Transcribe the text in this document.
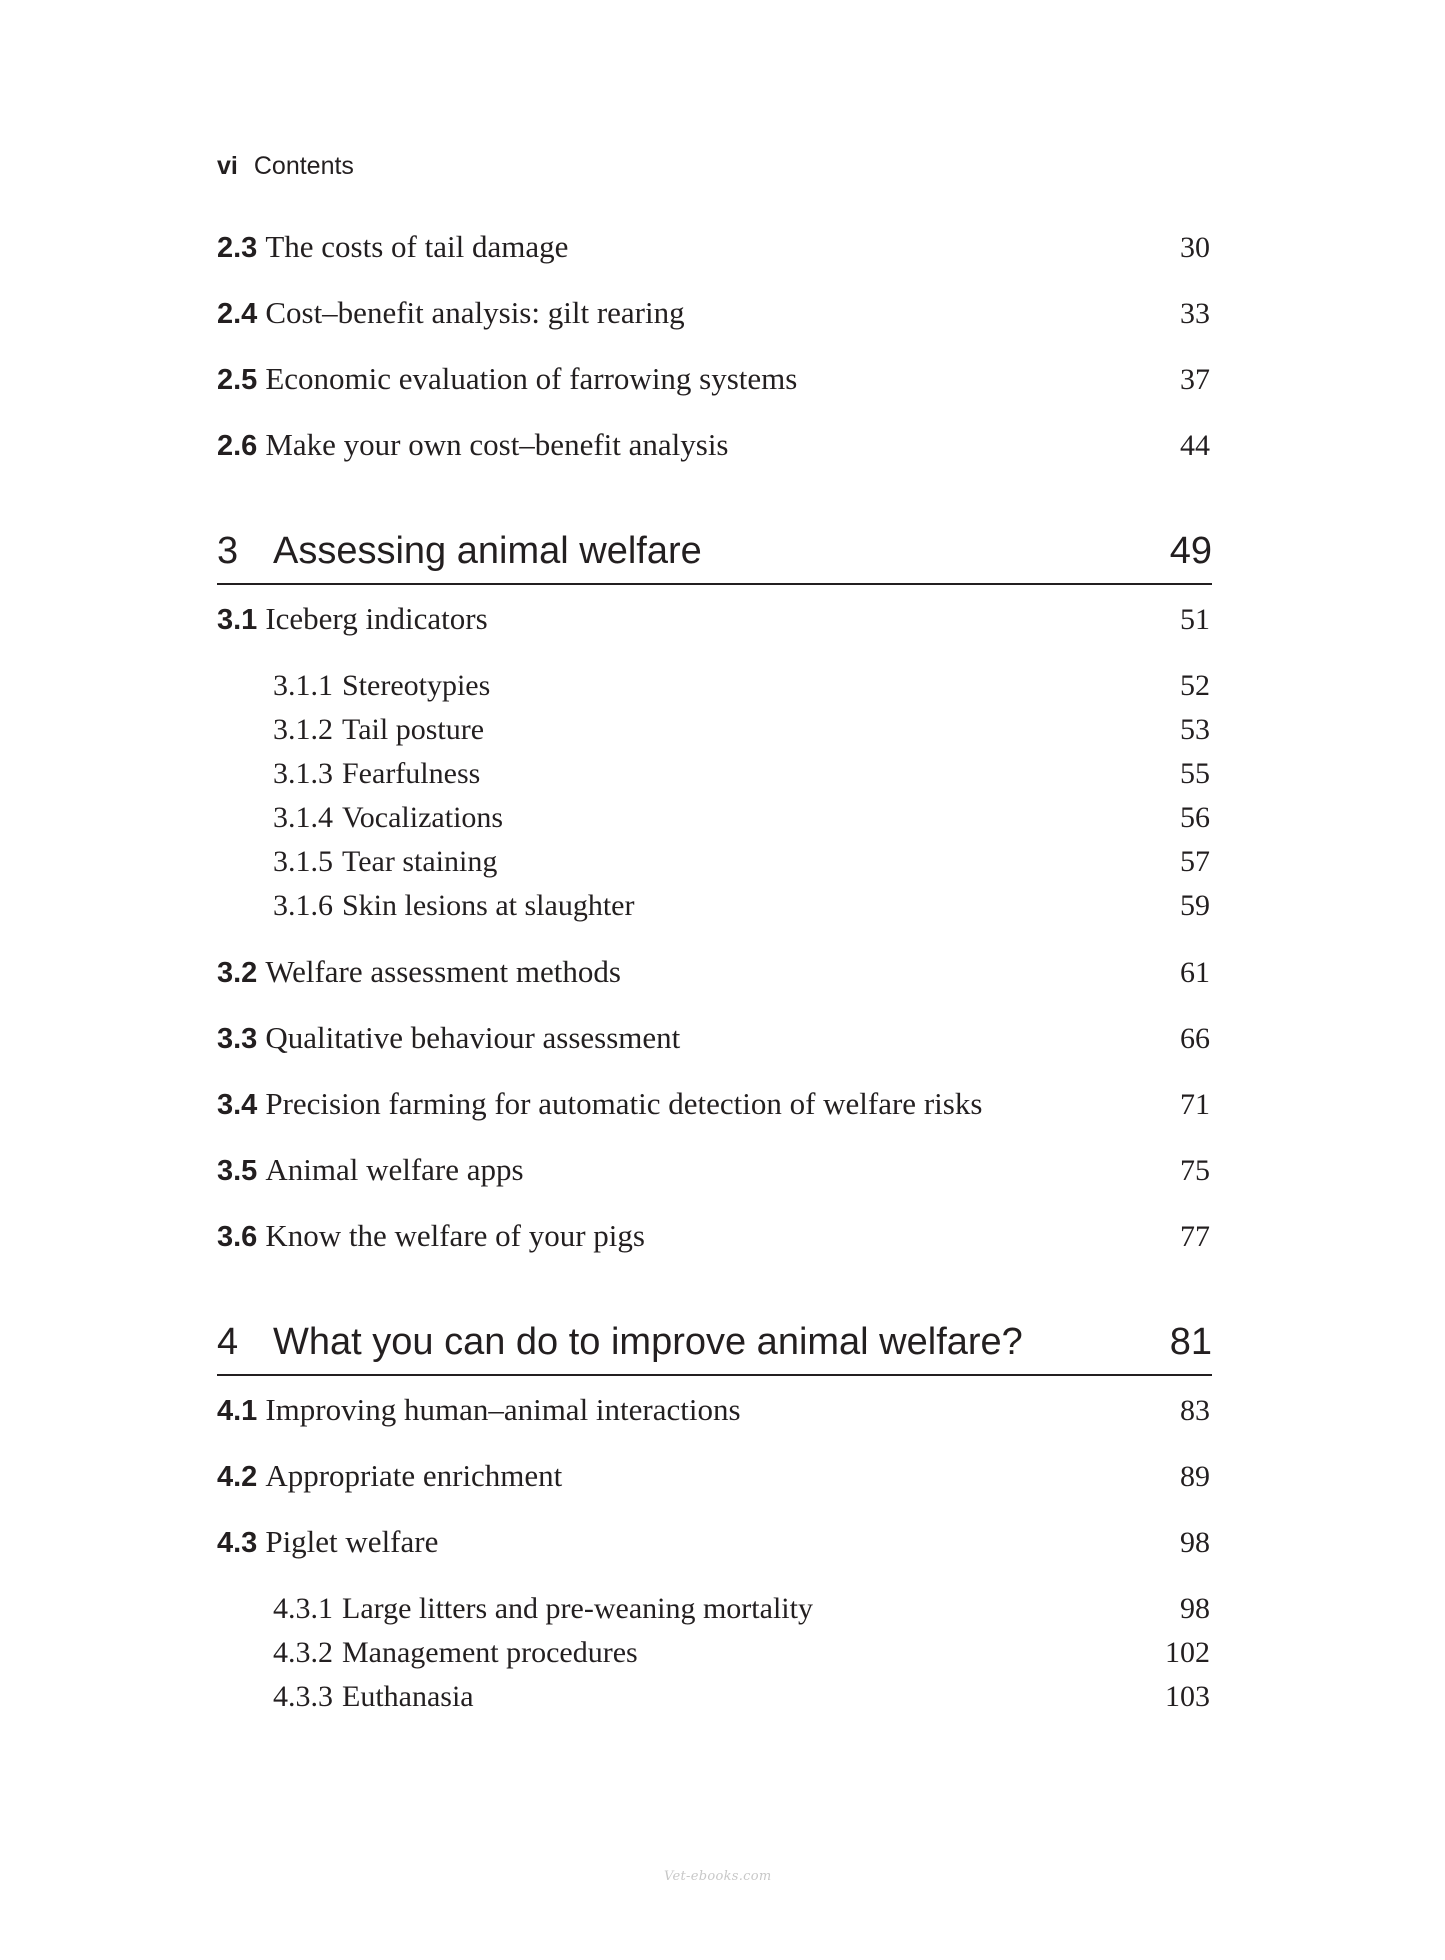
vi Contents
2.3 The costs of tail damage	30
2.4 Cost–benefit analysis: gilt rearing	33
2.5 Economic evaluation of farrowing systems	37
2.6 Make your own cost–benefit analysis	44
3 Assessing animal welfare	49
3.1 Iceberg indicators	51
3.1.1 Stereotypies	52
3.1.2 Tail posture	53
3.1.3 Fearfulness	55
3.1.4 Vocalizations	56
3.1.5 Tear staining	57
3.1.6 Skin lesions at slaughter	59
3.2 Welfare assessment methods	61
3.3 Qualitative behaviour assessment	66
3.4 Precision farming for automatic detection of welfare risks	71
3.5 Animal welfare apps	75
3.6 Know the welfare of your pigs	77
4 What you can do to improve animal welfare?	81
4.1 Improving human–animal interactions	83
4.2 Appropriate enrichment	89
4.3 Piglet welfare	98
4.3.1 Large litters and pre-weaning mortality	98
4.3.2 Management procedures	102
4.3.3 Euthanasia	103
Vet-ebooks.com
